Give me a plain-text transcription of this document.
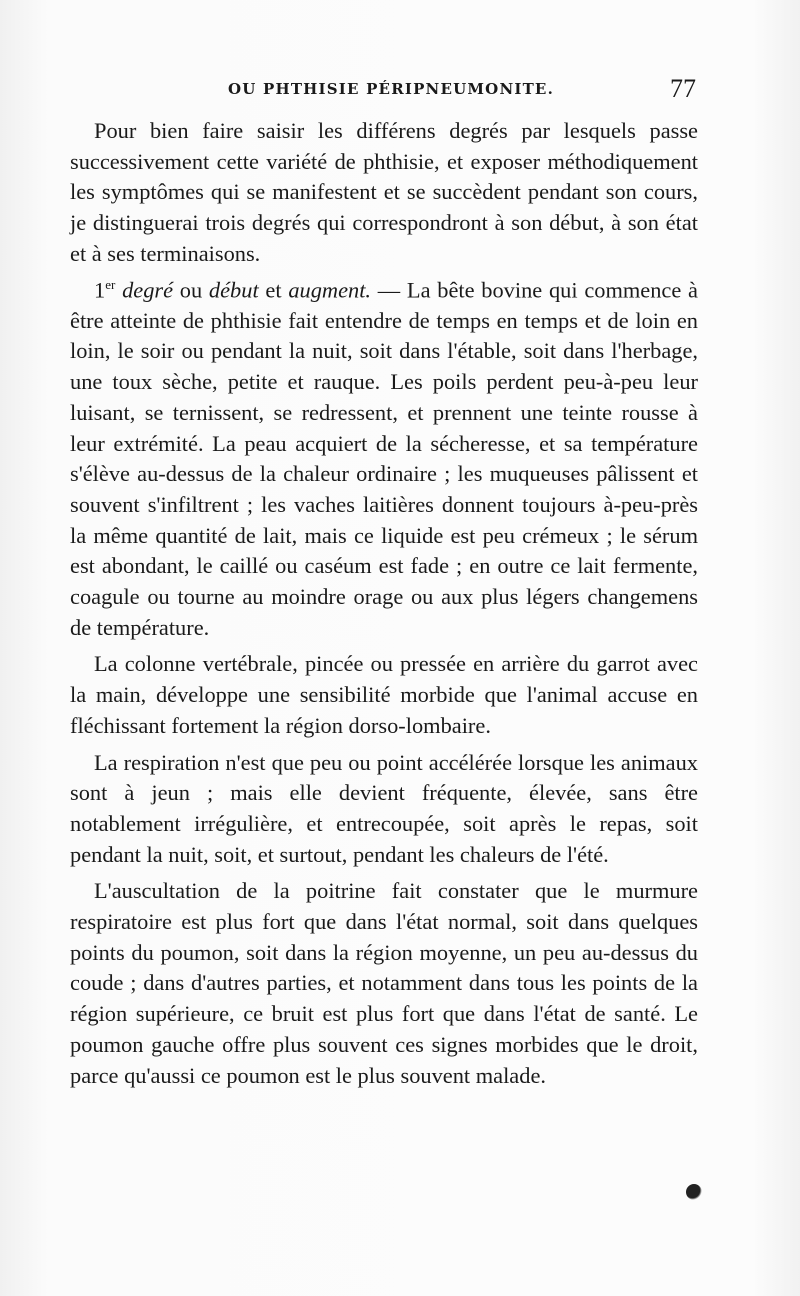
OU PHTHISIE PÉRIPNEUMONITE.	77

Pour bien faire saisir les différens degrés par lesquels passe successivement cette variété de phthisie, et exposer méthodiquement les symptômes qui se manifestent et se succèdent pendant son cours, je distinguerai trois degrés qui correspondront à son début, à son état et à ses terminaisons.

1er degré ou début et augment. — La bête bovine qui commence à être atteinte de phthisie fait entendre de temps en temps et de loin en loin, le soir ou pendant la nuit, soit dans l'étable, soit dans l'herbage, une toux sèche, petite et rauque. Les poils perdent peu-à-peu leur luisant, se ternissent, se redressent, et prennent une teinte rousse à leur extrémité. La peau acquiert de la sécheresse, et sa température s'élève au-dessus de la chaleur ordinaire ; les muqueuses pâlissent et souvent s'infiltrent ; les vaches laitières donnent toujours à-peu-près la même quantité de lait, mais ce liquide est peu crémeux ; le sérum est abondant, le caillé ou caséum est fade ; en outre ce lait fermente, coagule ou tourne au moindre orage ou aux plus légers changemens de température.

La colonne vertébrale, pincée ou pressée en arrière du garrot avec la main, développe une sensibilité morbide que l'animal accuse en fléchissant fortement la région dorso-lombaire.

La respiration n'est que peu ou point accélérée lorsque les animaux sont à jeun ; mais elle devient fréquente, élevée, sans être notablement irrégulière, et entrecoupée, soit après le repas, soit pendant la nuit, soit, et surtout, pendant les chaleurs de l'été.

L'auscultation de la poitrine fait constater que le murmure respiratoire est plus fort que dans l'état normal, soit dans quelques points du poumon, soit dans la région moyenne, un peu au-dessus du coude ; dans d'autres parties, et notamment dans tous les points de la région supérieure, ce bruit est plus fort que dans l'état de santé. Le poumon gauche offre plus souvent ces signes morbides que le droit, parce qu'aussi ce poumon est le plus souvent malade.
